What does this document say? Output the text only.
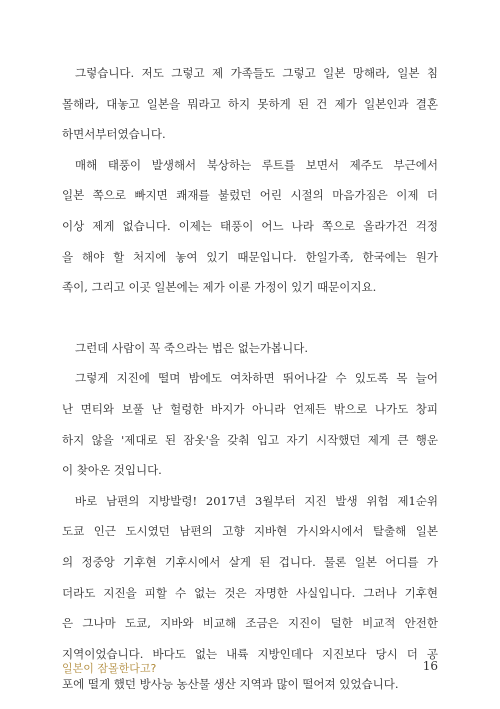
그렇습니다. 저도 그렇고 제 가족들도 그렇고 일본 망해라, 일본 침
몰해라, 대놓고 일본을 뭐라고 하지 못하게 된 건 제가 일본인과 결혼
하면서부터였습니다.

매해 태풍이 발생해서 북상하는 루트를 보면서 제주도 부근에서
일본 쪽으로 빠지면 쾌재를 불렀던 어린 시절의 마음가짐은 이제 더
이상 제게 없습니다. 이제는 태풍이 어느 나라 쪽으로 올라가건 걱정
을 해야 할 처지에 놓여 있기 때문입니다. 한일가족, 한국에는 원가
족이, 그리고 이곳 일본에는 제가 이룬 가정이 있기 때문이지요.

그런데 사람이 꼭 죽으라는 법은 없는가봅니다.

그렇게 지진에 떨며 밤에도 여차하면 뛰어나갈 수 있도록 목 늘어
난 면티와 보풀 난 헐렁한 바지가 아니라 언제든 밖으로 나가도 창피
하지 않을 '제대로 된 잠옷'을 갖춰 입고 자기 시작했던 제게 큰 행운
이 찾아온 것입니다.

바로 남편의 지방발령! 2017년 3월부터 지진 발생 위험 제1순위
도쿄 인근 도시였던 남편의 고향 지바현 가시와시에서 탈출해 일본
의 정중앙 기후현 기후시에서 살게 된 겁니다. 물론 일본 어디를 가
더라도 지진을 피할 수 없는 것은 자명한 사실입니다. 그러나 기후현
은 그나마 도쿄, 지바와 비교해 조금은 지진이 덜한 비교적 안전한
지역이었습니다. 바다도 없는 내륙 지방인데다 지진보다 당시 더 공
포에 떨게 했던 방사능 농산물 생산 지역과 많이 떨어져 있었습니다.

일본이 잠몰한다고?	16
